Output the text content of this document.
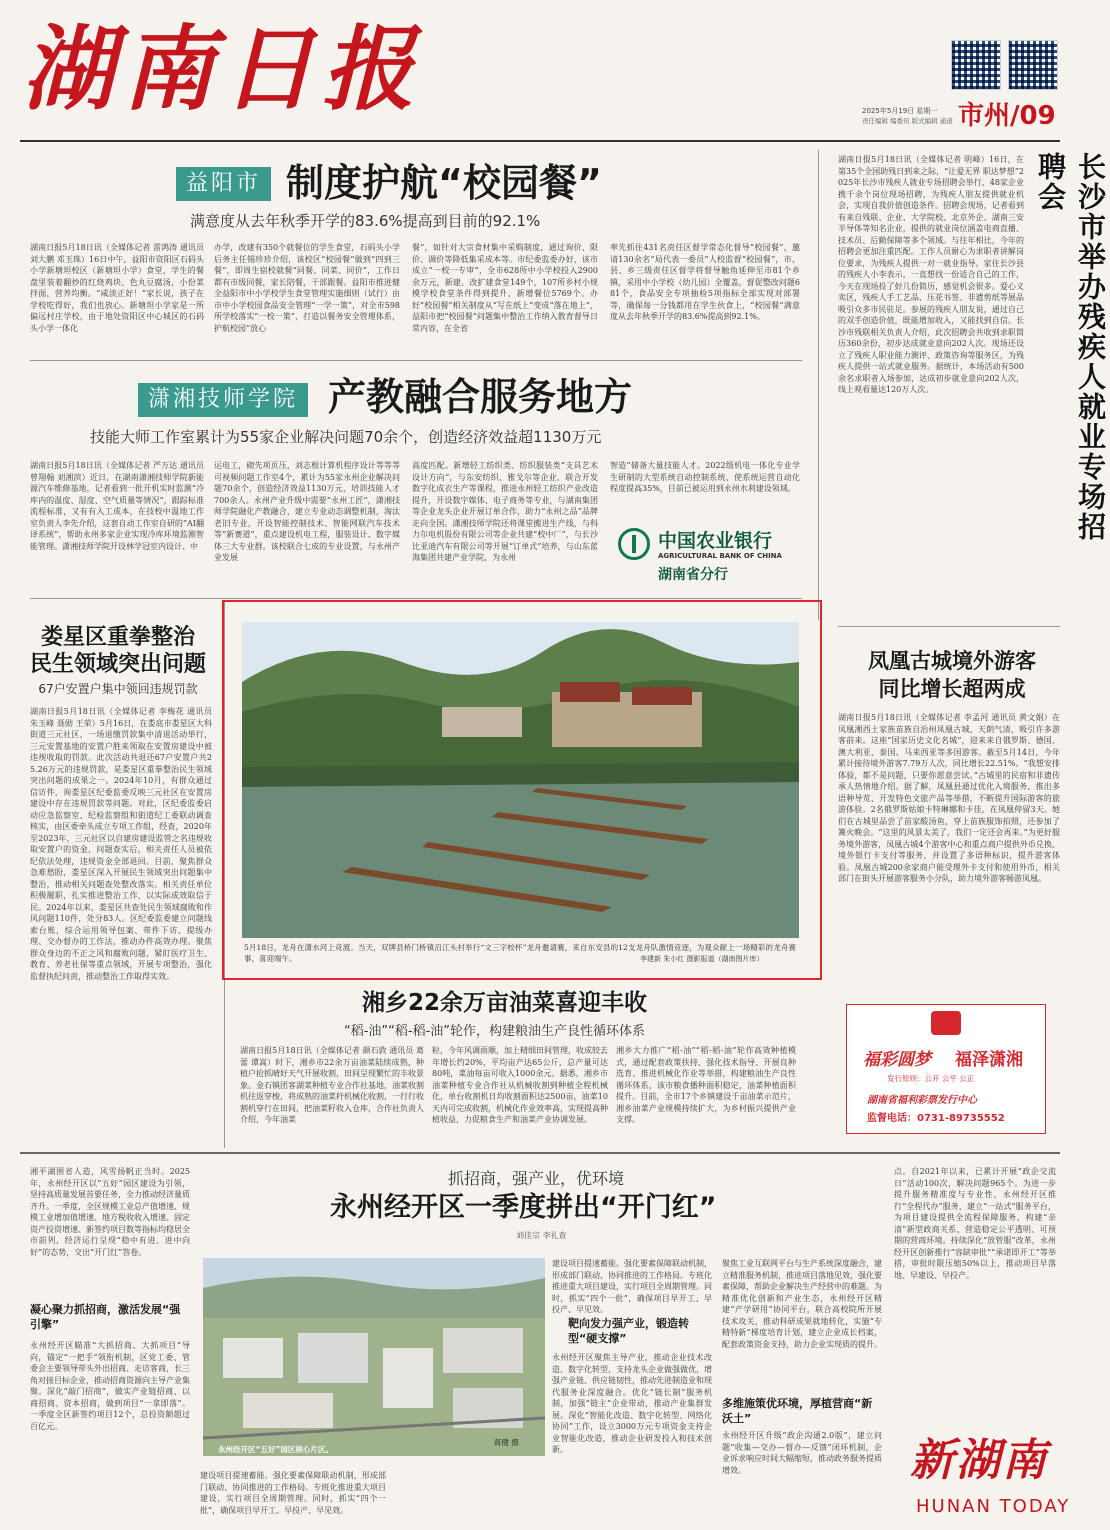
湖南日报	2025年5月19日 星期一
责任编辑 编委员 版式编辑 通道 市州/09
益阳市 制度护航“校园餐”
满意度从去年秋季开学的83.6%提高到目前的92.1%
湖南日报5月18日讯（全媒体记者 雷鸿涛 通讯员 刘大鹏 邓玉珠）16日中午，益阳市资阳区石码头小学新塘坦校区（新塘坦小学）食堂，学生的餐盘里装着翻炒的红烧鸡块、色丸豆腐汤，小份菜拌面，营养均衡。“咸淡正好！”家长说，孩子在学校吃得好，我们也放心。新塘坦小学家是一所偏远村庄学校，由于地处资阳区中心城区的石码头小学一体化
办学，改建有350个就餐位的学生食堂，石码头小学后务主任锡珍珍介绍，该校区“校园餐”做到“四到三餐”，即周生宿校就餐“同餐、同菜、同价”，工作日都有市级同餐，家长陪餐，干部跟餐。益阳市推进健全益阳市中小学校学生食堂管理实施细则（试行）由市中小学校园食品安全管理“一学一策”，对全市598所学校落实“一校一策”，打造以餐务安全管理体系，护航校园“放心
餐”，如针对大宗食材集中采购制度，通过询价、限价、调价等降低集采成本等。市纪委监委办好，该市成立“一校一专审”，全市628所中小学校投入2900余万元，新建、改扩建食堂149个，107所乡村小规模学校食堂条件得到提升，新增餐位5769个。办好“校园餐”相关制度从“写在纸上”变成“落在地上”，益阳市把“校园餐”问题集中整治工作纳入教育督导日常内容，在全省
率先抓住431名责任区督学常态化督导“校园餐”，邀请130余名“局代表一委员”人校监督“校园餐”，市、县、乡三级责任区督学将督导触角延伸至市81个乡镇，采用中小学校（幼儿园）全覆盖，督促整改问题681个，食品安全专项抽检5项指标全部实现对部署等，确保每一分钱都用在学生伙食上，“校园餐”满意度从去年秋季开学的83.6%提高到92.1%。
潇湘技师学院 产教融合服务地方
技能大师工作室累计为55家企业解决问题70余个，创造经济效益超1130万元
湖南日报5月18日讯（全媒体记者 严万达 通讯员 曾翔翰 刘湘滨）近日，在湖南潇湘技师学院新能源汽车维修基地，记者看到一批开机实时监测“冷库内的温度、湿度、空气质量等情况”，跟踪标准流程标准，又有有入工成本，在技校中温地工作室负责人李先介绍，这套自动工作室自研的“AI翻译系统”，帮助永州多家企业实现冷库环境监测智能管理。潇湘技师学院开设林学冠室内设计、中
运电工，砌先项页压，刘志根计算机程序设计等等等可视频问题工作室4个，累计为55家永州企业解决问题70余个，创造经济效益1130万元，培训技能人才700余人。永州产业升级中需要“永州工匠”，潇湘技师学院融化产教融合，建立专业动态调整机制，淘汰老旧专业，开设智能控制技术、智能网联汽车技术等“新赛道”，重点建设机电工程，服装设计、数字媒体三大专业群。该校联合七成的专业设置，与永州产业发展
高度匹配。新增轻工纺织类、纺织服装类“支具艺术设计方向”，与东安纺织、雅戈尔等企业，联合开发数字化成衣生产等课程，推进永州轻工纺织产业改造提升，开设数字媒体、电子商务等专业，与湖南集团等企业龙头企业开展订单合作，助力“永州之品”品牌走向全国。潇湘技师学院还将课堂搬进生产线，与科力尔电机股份有限公司等企业共建“校中厂”，与长沙比亚迪汽车有限公司等开展“订单式”培养，与山东蓝海集团共建产业学院，为永州
智造”储备大量技能人才。2022级机电一体化专业学生研制的大型系统自动控制系统，使系统运营自动化程度提高35%，目前已被运用到永州水利建设领域。
中国农业银行
AGRICULTURAL BANK OF CHINA
湖南省分行
长沙市举办残疾人就业专场招聘会
湖南日报5月18日讯（全媒体记者 明峰）16日，在第35个全国助残日到来之际，“让爱无界 职达梦想”2025年长沙市残疾人就业专场招聘会举行，48家企业携千余个岗位现场招聘，为残疾人朋友提供就业机会，实现自我价值创造条件。招聘会现场，记者看到有来自残联、企业、大学院校、北京外企、湖南三安半导体等知名企业，提供的就业岗位涵盖电商直播、技术员、后勤保障等多个领域。与往年相比，今年的招聘会更加注重匹配。工作人员耐心为求职者讲解岗位要求，为残疾人提供一对一就业指导。家住长沙县的残疾人小李表示，一直想找一份适合自己的工作，今天在现场投了好几份简历，感觉机会很多。爱心义卖区，残疾人手工艺品、压花书签、非遗剪纸等展品吸引众多市民驻足。参展的残疾人朋友说，通过自己的双手创造价值，既能增加收入，又能找到自信。长沙市残联相关负责人介绍，此次招聘会共收到求职简历360余份，初步达成就业意向202人次。现场还设立了残疾人职业能力测评、政策咨询等服务区，为残疾人提供一站式就业服务。据统计，本场活动有500余名求职者入场参加，达成初步就业意向202人次，线上观看量达120万人次。
娄星区重拳整治
民生领域突出问题
67户安置户集中领回违规罚款
湖南日报5月18日讯（全媒体记者 李梅花 通讯员 朱玉峰 聂勋 王荣）5月16日，在娄底市娄星区大科街道三元社区，一场退缴罚款集中清退活动举行，三元安置基地的安置户胜来领取在安置房建设中被违规收取的罚款。此次活动共退还67户安置户共25.26万元的违规罚款，是娄星区重拳整治民生领域突出问题的成果之一。2024年10月，有群众通过信访件，询娄星区纪委监委反映三元社区在安置房建设中存在违规罚款等问题。对此，区纪委监委启动应急监察室、纪检监察组和街道纪工委联动调查核实，由区委牵头成立专项工作组，经查，2020年至2023年，三元社区以自建房建设监管之名违规收取安置户的资金，问题查实后，相关责任人员被依纪依法处理，违规资金全部退回。目前，聚焦群众急难愁盼，娄星区深入开展民生领域突出问题集中整治，推动相关问题查处整改落实。相关责任单位积极履职，扎实推进整治工作，以实际成效取信于民。2024年以来，娄星区共查处民生领域腐败和作风问题110件，处分83人。区纪委监委建立问题线索台账，综合运用领导包案、带件下访、提级办理、交办督办的工作法，推动办件高效办理。聚焦群众身边的不正之风和腐败问题，紧盯医疗卫生、教育、养老社保等重点领域，开展专项整治，强化监督执纪问责，推动整治工作取得实效。
5月18日，龙舟在潇水河上竞渡。当天，双牌县桥门桥镇沿江头村举行“文三字校杯”龙舟邀请赛，来自东安县的12支龙舟队激情竞逐，为观众献上一场精彩的龙舟赛事，喜迎端午。	李建新 朱小红 摄影报道（湖南图片库）
凤凰古城境外游客
同比增长超两成
湖南日报5月18日讯（全媒体记者 李孟河 通讯员 黄文娟）在凤凰湘西土家族苗族自治州凤凰古城，天朗气清，吸引许多游客前来。这座“国家历史文化名城”，迎来来自俄罗斯、德国、澳大利亚、泰国、马来西亚等多国游客。截至5月14日，今年累计接待境外游客7.79万人次，同比增长22.51%。“我想安排体验，都不是问题，只要你愿意尝试。”古城里的民宿和非遗传承人热情地介绍。据了解，凤凰县通过优化入境服务、推出多语种导览、开发特色文旅产品等举措，不断提升国际游客的旅游体验。2名俄罗斯姑娘卡特琳娜和卡佳，在凤凰停留3天。她们在古城里品尝了苗家酸汤鱼，穿上苗族服饰拍照，还参加了篝火晚会。“这里的风景太美了，我们一定还会再来。”为更好服务境外游客，凤凰古城4个游客中心和重点商户提供外币兑换、境外银行卡支付等服务，并设置了多语种标识，提升游客体验。凤凰古城200余家商户能受理外卡支付和使用外币，相关部门在街头开展游客服务小分队，助力境外游客畅游凤凰。
福彩圆梦 福泽潇湘
发行原则：公开 公平 公正
湖南省福利彩票发行中心
监督电话：0731-89735552
湘乡22余万亩油菜喜迎丰收
“稻-油”“稻-稻-油”轮作，构建粮油生产良性循环体系
湖南日报5月18日讯（全媒体记者 颜石敦 通讯员 葛蕾 谭嵩）时下，湘乡市22余万亩油菜陆续成熟，种植户抢抓晴好天气开展收割，田间呈现繁忙的丰收景象。金石镇团客湖菜种植专业合作社基地，油菜收割机往返穿梭，将成熟的油菜秆机械化收割，一行行收割机穿行在田间，把油菜籽收入仓库，合作社负责人介绍，今年油菜
粒，今年风调雨顺，加上精细田间管理，收成较去年增长约20%，平均亩产达65公斤，总产量可达80吨，菜油每亩可收入1000余元。据悉，湘乡市油菜种植专业合作社从机械收割到种植全程机械化，单台收割机日均收割面积达2500亩，油菜10天内可完成收割，机械化作业效率高，实现提高种植收益，力促粮食生产和油菜产业协调发展。
湘乡大力推广“稻-油”“稻-稻-油”轮作高效种植模式，通过配套政策扶持、强化技术指导、开展良种选育、推进机械化作业等举措，构建粮油生产良性循环体系，该市粮食播种面积稳定，油菜种植面积提升。目前，全市17个乡镇建设千亩油菜示范片，湘乡油菜产业规模持续扩大，为乡村振兴提供产业支撑。
湘平湖围省人造，风雪扬帆正当时。2025年，永州经开区以“五好”园区建设为引领，坚持高质量发展首要任务，全力推动经济量质齐升。一季度，全区规模工业总产值增速、规模工业增加值增速、地方税收收入增速、固定资产投资增速、新签约项目数等指标均稳居全市前列，经济运行呈现“稳中有进、进中向好”的态势，交出“开门红”答卷。
抓招商，强产业，优环境
永州经开区一季度拼出“开门红”
刘佳宗 李礼查
凝心聚力抓招商，激活发展“强引擎”
永州经开区瞄准“大抓招商、大抓项目”导向，锚定“一把手”领衔机制，区党工委、管委会主要领导带头外出招商、走访客商，长三角对接目标企业，推动招商资源向主导产业集聚。深化“敲门招商”，做实产业链招商、以商招商、资本招商，做到项目“一拿即落”。一季度全区新签约项目12个，总投资额超过百亿元。
永州经开区“五好”园区核心片区。
蒋健 摄
建设项目提速蓄能。强化要素保障联动机制，形成部门联动、协同推进的工作格局。专班化推进重大项目建设，实行项目全周期管理。同时，抓实“四个一批”，确保项目早开工、早投产、早见效。
建设项目提速蓄能。强化要素保障联动机制，形成部门联动、协同推进的工作格局。专班化推进重大项目建设，实行项目全周期管理。同时，抓实“四个一批”，确保项目早开工、早投产、早见效。
靶向发力强产业，锻造转型“硬支撑”
永州经开区聚焦主导产业，推动企业技术改造、数字化转型，支持龙头企业做强做优，增强产业链、供应链韧性，推动先进制造业和现代服务业深度融合。优化“链长制”服务机制，加强“链主”企业带动，推动产业集群发展。深化“智能化改造、数字化转型、网络化协同”工作，设立3000万元专项资金支持企业智能化改造，推动企业研发投入和技术创新。
聚焦工业互联网平台与生产系统深度融合，建立精准服务机制，推进项目落地见效，强化要素保障，帮助企业解决生产经营中的难题。为精准优化创新和产业生态，永州经开区精建“产学研用”协同平台，联合高校院所开展技术攻关，推动科研成果就地转化，实施“专精特新”梯度培育计划，建立企业成长档案，配套政策资金支持，助力企业实现质的提升。
多维施策优环境，厚植营商“新沃土”
永州经开区升级“政企沟通2.0版”，建立问题“收集—交办—督办—反馈”闭环机制，企业诉求响应时间大幅缩短，推动政务服务提质增效。
点。自2021年以来，已累计开展“政企交流日”活动100次，解决问题965个。为进一步提升服务精准度与专业性，永州经开区推行“全程代办”服务，建立“一站式”服务平台，为项目建设提供全流程保障服务，构建“亲清”新型政商关系，营造稳定公平透明、可预期的营商环境。持续深化“放管服”改革，永州经开区创新推行“容缺审批”“承诺即开工”等举措，审批时限压缩50%以上，推动项目早落地、早建设、早投产。
新湖南
HUNAN TODAY
